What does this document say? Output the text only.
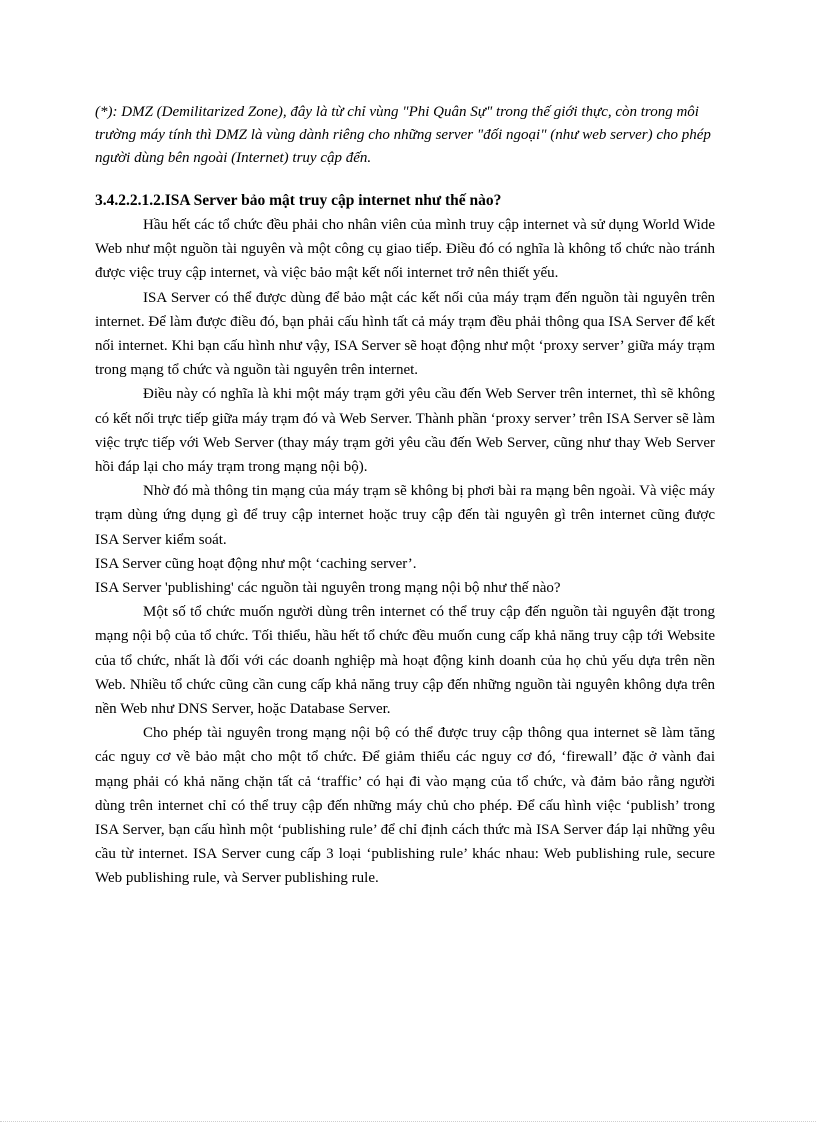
(*): DMZ (Demilitarized Zone), đây là từ chỉ vùng "Phi Quân Sự" trong thế giới thực, còn trong môi trường máy tính thì DMZ là vùng dành riêng cho những server "đối ngoại" (như web server) cho phép người dùng bên ngoài (Internet) truy cập đến.

3.4.2.2.1.2.ISA Server bảo mật truy cập internet như thế nào?

Hầu hết các tổ chức đều phải cho nhân viên của mình truy cập internet và sử dụng World Wide Web như một nguồn tài nguyên và một công cụ giao tiếp. Điều đó có nghĩa là không tổ chức nào tránh được việc truy cập internet, và việc bảo mật kết nối internet trở nên thiết yếu.

ISA Server có thể được dùng để bảo mật các kết nối của máy trạm đến nguồn tài nguyên trên internet. Để làm được điều đó, bạn phải cấu hình tất cả máy trạm đều phải thông qua ISA Server để kết nối internet. Khi bạn cấu hình như vậy, ISA Server sẽ hoạt động như một ‘proxy server’ giữa máy trạm trong mạng tổ chức và nguồn tài nguyên trên internet.

Điều này có nghĩa là khi một máy trạm gởi yêu cầu đến Web Server trên internet, thì sẽ không có kết nối trực tiếp giữa máy trạm đó và Web Server. Thành phần ‘proxy server’ trên ISA Server sẽ làm việc trực tiếp với Web Server (thay máy trạm gởi yêu cầu đến Web Server, cũng như thay Web Server hồi đáp lại cho máy trạm trong mạng nội bộ).

Nhờ đó mà thông tin mạng của máy trạm sẽ không bị phơi bài ra mạng bên ngoài. Và việc máy trạm dùng ứng dụng gì để truy cập internet hoặc truy cập đến tài nguyên gì trên internet cũng được ISA Server kiểm soát.

ISA Server cũng hoạt động như một ‘caching server’.

ISA Server 'publishing' các nguồn tài nguyên trong mạng nội bộ như thế nào?

Một số tổ chức muốn người dùng trên internet có thể truy cập đến nguồn tài nguyên đặt trong mạng nội bộ của tổ chức. Tối thiểu, hầu hết tổ chức đều muốn cung cấp khả năng truy cập tới Website của tổ chức, nhất là đối với các doanh nghiệp mà hoạt động kinh doanh của họ chủ yếu dựa trên nền Web. Nhiều tổ chức cũng cần cung cấp khả năng truy cập đến những nguồn tài nguyên không dựa trên nền Web như DNS Server, hoặc Database Server.

Cho phép tài nguyên trong mạng nội bộ có thể được truy cập thông qua internet sẽ làm tăng các nguy cơ về bảo mật cho một tổ chức. Để giảm thiểu các nguy cơ đó, ‘firewall’ đặc ở vành đai mạng phải có khả năng chặn tất cả ‘traffic’ có hại đi vào mạng của tổ chức, và đảm bảo rằng người dùng trên internet chỉ có thể truy cập đến những máy chủ cho phép. Để cấu hình việc ‘publish’ trong ISA Server, bạn cấu hình một ‘publishing rule’ để chỉ định cách thức mà ISA Server đáp lại những yêu cầu từ internet. ISA Server cung cấp 3 loại ‘publishing rule’ khác nhau: Web publishing rule, secure Web publishing rule, và Server publishing rule.
